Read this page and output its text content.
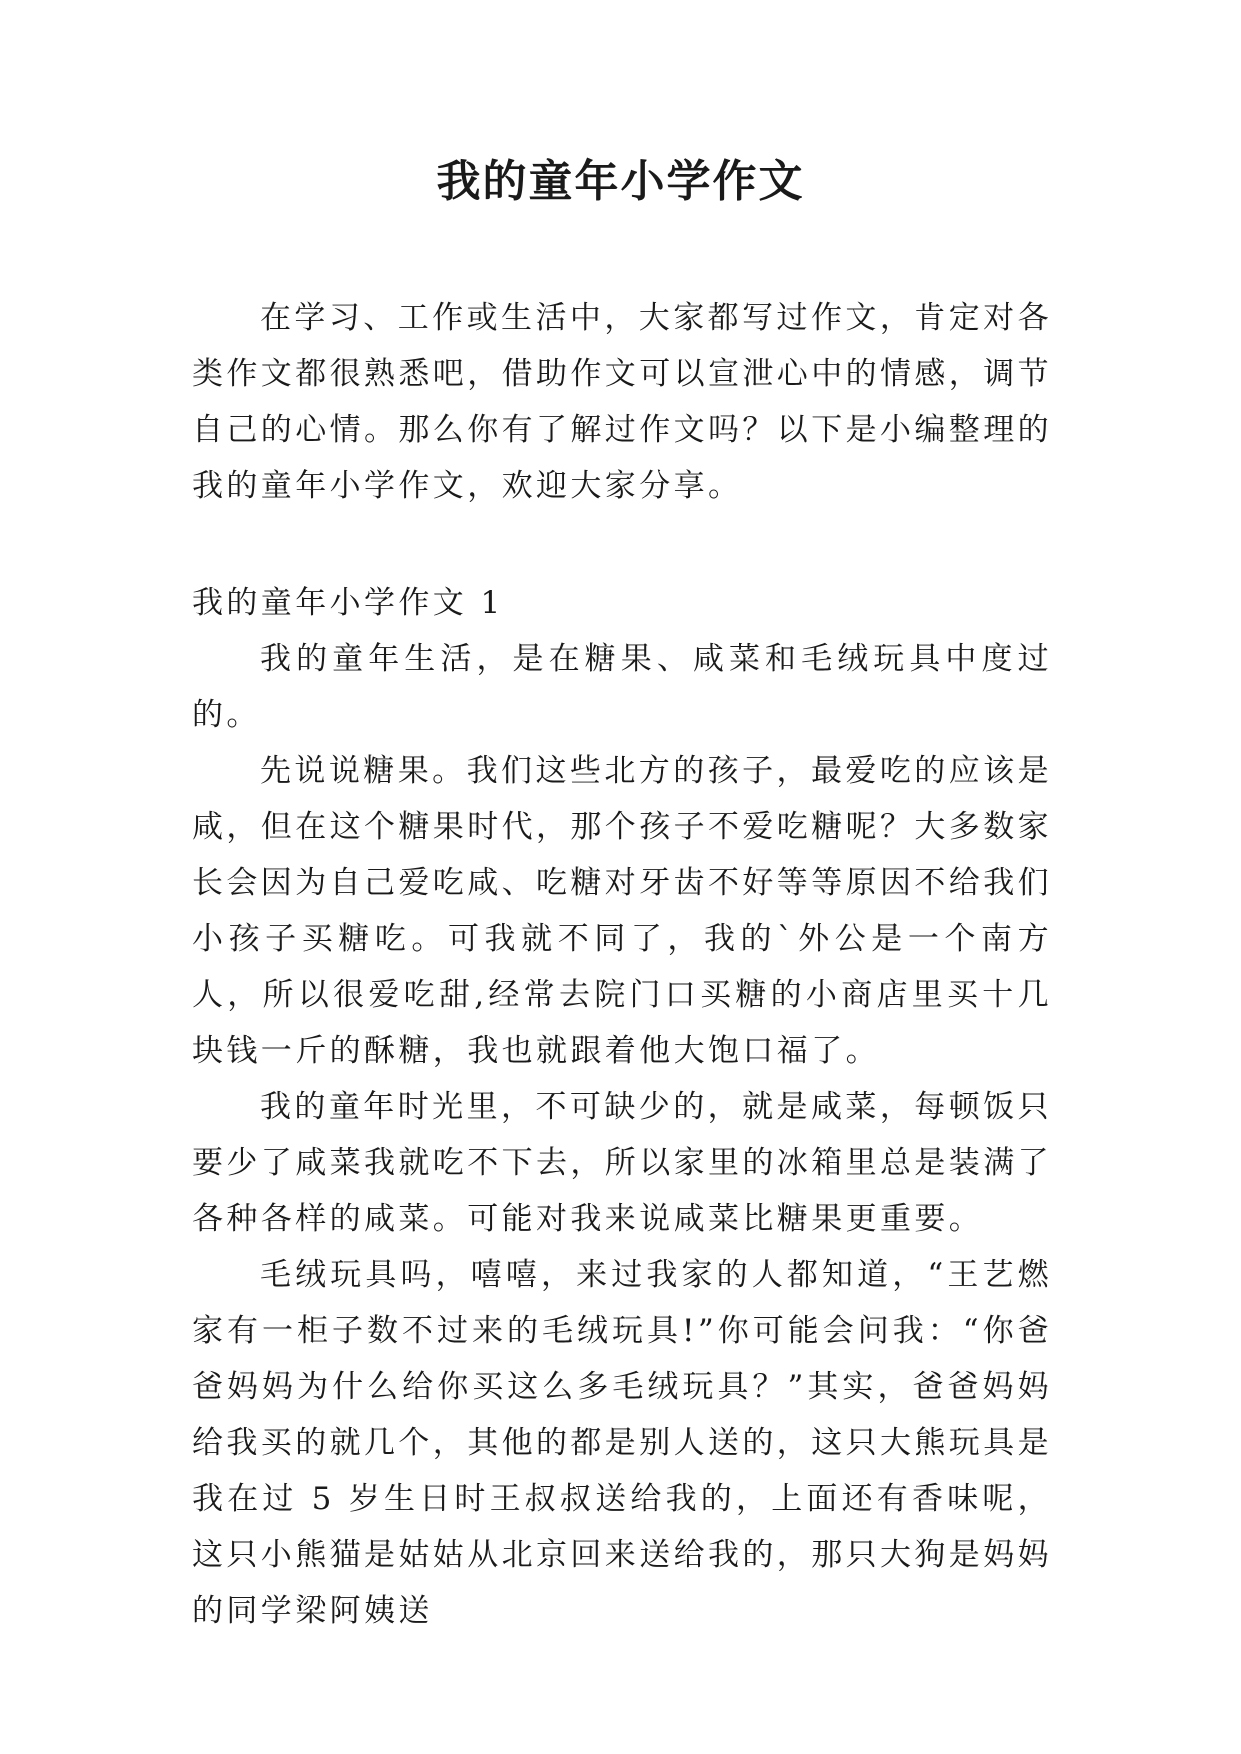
我的童年小学作文

在学习、工作或生活中，大家都写过作文，肯定对各类作文都很熟悉吧，借助作文可以宣泄心中的情感，调节自己的心情。那么你有了解过作文吗？以下是小编整理的我的童年小学作文，欢迎大家分享。

我的童年小学作文 1

我的童年生活，是在糖果、咸菜和毛绒玩具中度过的。

先说说糖果。我们这些北方的孩子，最爱吃的应该是咸，但在这个糖果时代，那个孩子不爱吃糖呢？大多数家长会因为自己爱吃咸、吃糖对牙齿不好等等原因不给我们小孩子买糖吃。可我就不同了，我的`外公是一个南方人，所以很爱吃甜,经常去院门口买糖的小商店里买十几块钱一斤的酥糖，我也就跟着他大饱口福了。

我的童年时光里，不可缺少的，就是咸菜，每顿饭只要少了咸菜我就吃不下去，所以家里的冰箱里总是装满了各种各样的咸菜。可能对我来说咸菜比糖果更重要。

毛绒玩具吗，嘻嘻，来过我家的人都知道，“王艺燃家有一柜子数不过来的毛绒玩具!”你可能会问我：“你爸爸妈妈为什么给你买这么多毛绒玩具？”其实，爸爸妈妈给我买的就几个，其他的都是别人送的，这只大熊玩具是我在过 5 岁生日时王叔叔送给我的，上面还有香味呢，这只小熊猫是姑姑从北京回来送给我的，那只大狗是妈妈的同学梁阿姨送
